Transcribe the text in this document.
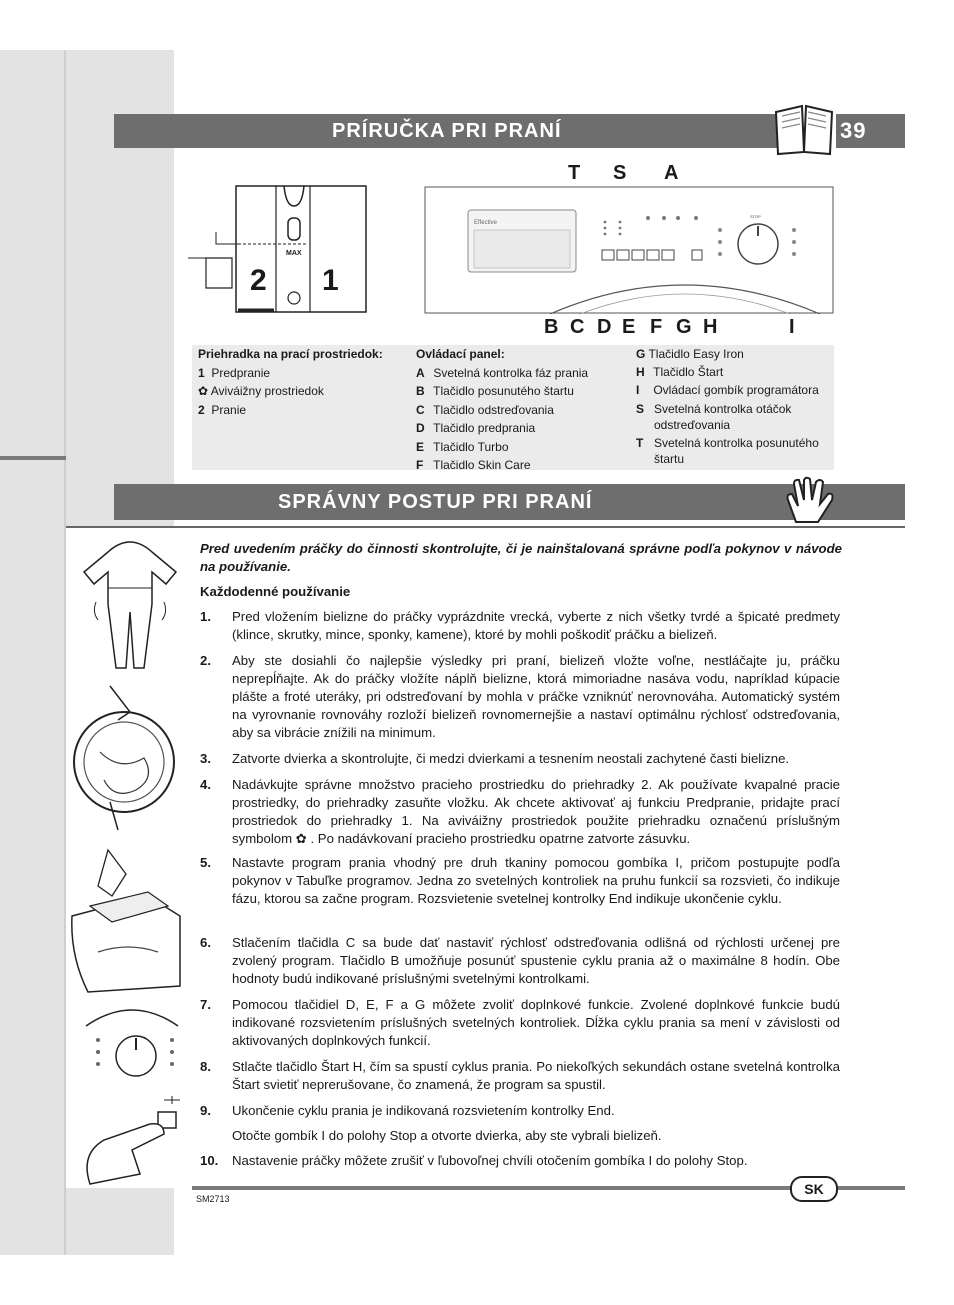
PRÍRUČKA PRI PRANÍ	39
2 1
MAX
Effective
STOP
T S A
B C D E F G H	I
Priehradka na prací prostriedok:
1 Predpranie
✿ Aviváižny prostriedok
2 Pranie
Ovládací panel:
A Svetelná kontrolka fáz prania
B Tlačidlo posunutého štartu
C Tlačidlo odstreďovania
D Tlačidlo predprania
E Tlačidlo Turbo
F Tlačidlo Skin Care
G Tlačidlo Easy Iron
H Tlačidlo Štart
I Ovládací gombík programátora
S Svetelná kontrolka otáčok odstreďovania
T Svetelná kontrolka posunutého štartu
SPRÁVNY POSTUP PRI PRANÍ
Pred uvedením práčky do činnosti skontrolujte, či je nainštalovaná správne podľa pokynov v návode na používanie.
Každodenné používanie
1. Pred vložením bielizne do práčky vyprázdnite vrecká, vyberte z nich všetky tvrdé a špicaté predmety (klince, skrutky, mince, sponky, kamene), ktoré by mohli poškodiť práčku a bielizeň.
2. Aby ste dosiahli čo najlepšie výsledky pri praní, bielizeň vložte voľne, nestláčajte ju, práčku neprepĺňajte. Ak do práčky vložíte náplň bielizne, ktorá mimoriadne nasáva vodu, napríklad kúpacie plášte a froté uteráky, pri odstreďovaní by mohla v práčke vzniknúť nerovnováha. Automatický systém na vyrovnanie rovnováhy rozloží bielizeň rovnomernejšie a nastaví optimálnu rýchlosť odstreďovania, aby sa vibrácie znížili na minimum.
3. Zatvorte dvierka a skontrolujte, či medzi dvierkami a tesnením neostali zachytené časti bielizne.
4. Nadávkujte správne množstvo pracieho prostriedku do priehradky 2. Ak používate kvapalné pracie prostriedky, do priehradky zasuňte vložku. Ak chcete aktivovať aj funkciu Predpranie, pridajte prací prostriedok do priehradky 1. Na aviváižny prostriedok použite priehradku označenú príslušným symbolom ✿ . Po nadávkovaní pracieho prostriedku opatrne zatvorte zásuvku.
5. Nastavte program prania vhodný pre druh tkaniny pomocou gombíka I, pričom postupujte podľa pokynov v Tabuľke programov. Jedna zo svetelných kontroliek na pruhu funkcií sa rozsvieti, čo indikuje fázu, ktorou sa začne program. Rozsvietenie svetelnej kontrolky End indikuje ukončenie cyklu.
6. Stlačením tlačidla C sa bude dať nastaviť rýchlosť odstreďovania odlišná od rýchlosti určenej pre zvolený program. Tlačidlo B umožňuje posunúť spustenie cyklu prania až o maximálne 8 hodín. Obe hodnoty budú indikované príslušnými svetelnými kontrolkami.
7. Pomocou tlačidiel D, E, F a G môžete zvoliť doplnkové funkcie. Zvolené doplnkové funkcie budú indikované rozsvietením príslušných svetelných kontroliek. Dĺžka cyklu prania sa mení v závislosti od aktivovaných doplnkových funkcií.
8. Stlačte tlačidlo Štart H, čím sa spustí cyklus prania. Po niekoľkých sekundách ostane svetelná kontrolka Štart svietiť neprerušovane, čo znamená, že program sa spustil.
9. Ukončenie cyklu prania je indikovaná rozsvietením kontrolky End.
Otočte gombík I do polohy Stop a otvorte dvierka, aby ste vybrali bielizeň.
10. Nastavenie práčky môžete zrušiť v ľubovoľnej chvíli otočením gombíka I do polohy Stop.
SK
SM2713
